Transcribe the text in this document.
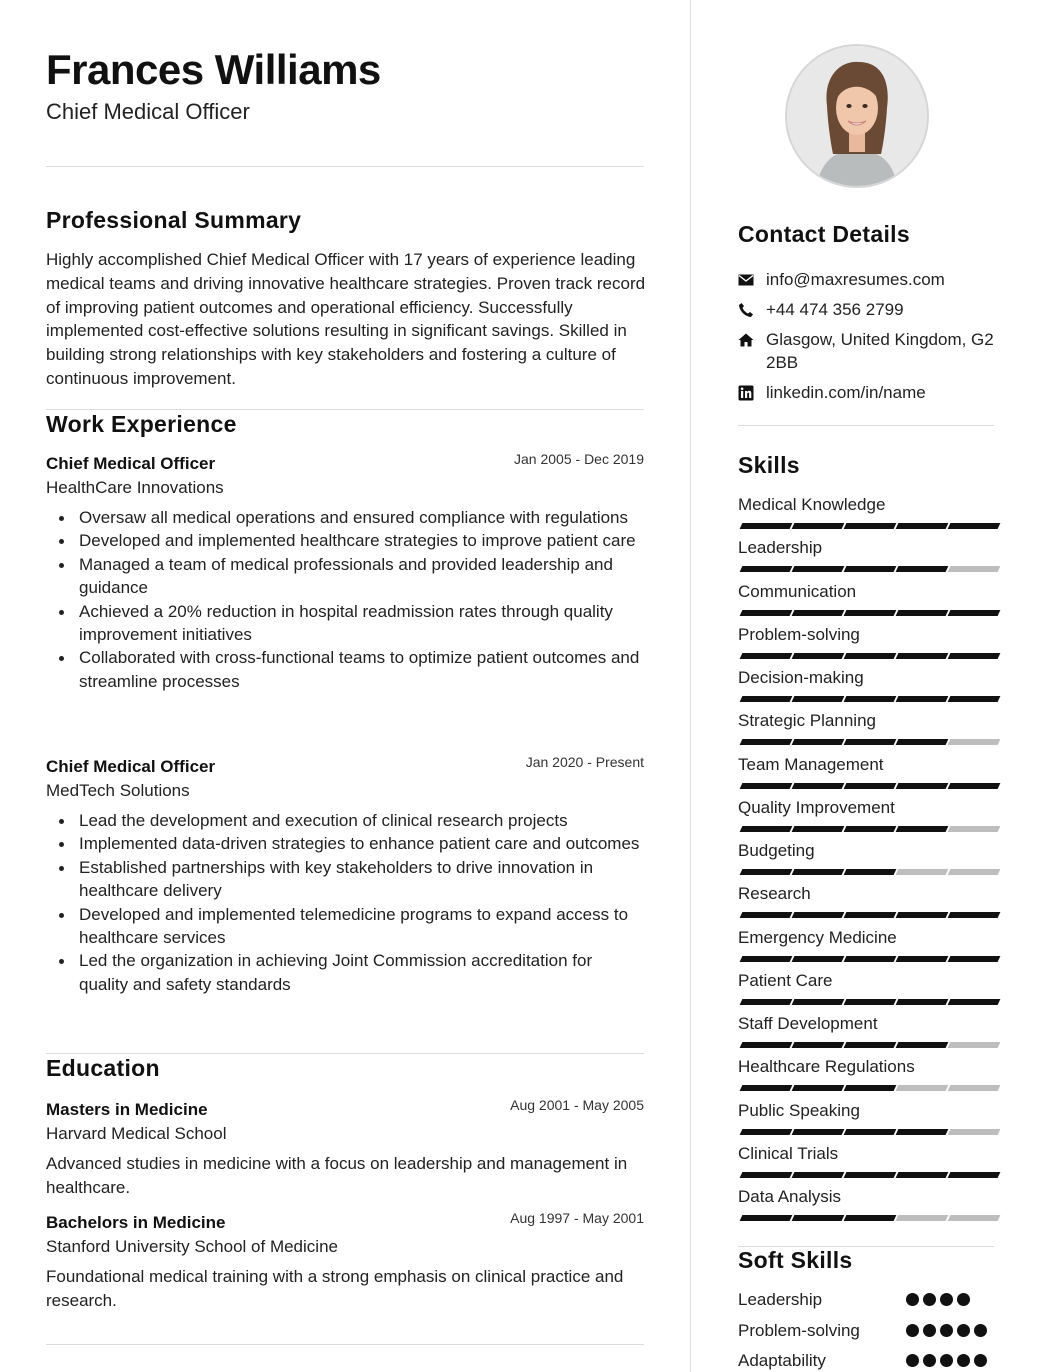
Frances Williams
Chief Medical Officer
Professional Summary
Highly accomplished Chief Medical Officer with 17 years of experience leading medical teams and driving innovative healthcare strategies. Proven track record of improving patient outcomes and operational efficiency. Successfully implemented cost-effective solutions resulting in significant savings. Skilled in building strong relationships with key stakeholders and fostering a culture of continuous improvement.
Work Experience
Chief Medical Officer	Jan 2005 - Dec 2019
HealthCare Innovations
Oversaw all medical operations and ensured compliance with regulations
Developed and implemented healthcare strategies to improve patient care
Managed a team of medical professionals and provided leadership and guidance
Achieved a 20% reduction in hospital readmission rates through quality improvement initiatives
Collaborated with cross-functional teams to optimize patient outcomes and streamline processes
Chief Medical Officer	Jan 2020 - Present
MedTech Solutions
Lead the development and execution of clinical research projects
Implemented data-driven strategies to enhance patient care and outcomes
Established partnerships with key stakeholders to drive innovation in healthcare delivery
Developed and implemented telemedicine programs to expand access to healthcare services
Led the organization in achieving Joint Commission accreditation for quality and safety standards
Education
Masters in Medicine	Aug 2001 - May 2005
Harvard Medical School
Advanced studies in medicine with a focus on leadership and management in healthcare.
Bachelors in Medicine	Aug 1997 - May 2001
Stanford University School of Medicine
Foundational medical training with a strong emphasis on clinical practice and research.
Contact Details
info@maxresumes.com
+44 474 356 2799
Glasgow, United Kingdom, G2 2BB
linkedin.com/in/name
Skills
Medical Knowledge
Leadership
Communication
Problem-solving
Decision-making
Strategic Planning
Team Management
Quality Improvement
Budgeting
Research
Emergency Medicine
Patient Care
Staff Development
Healthcare Regulations
Public Speaking
Clinical Trials
Data Analysis
Soft Skills
Leadership
Problem-solving
Adaptability
